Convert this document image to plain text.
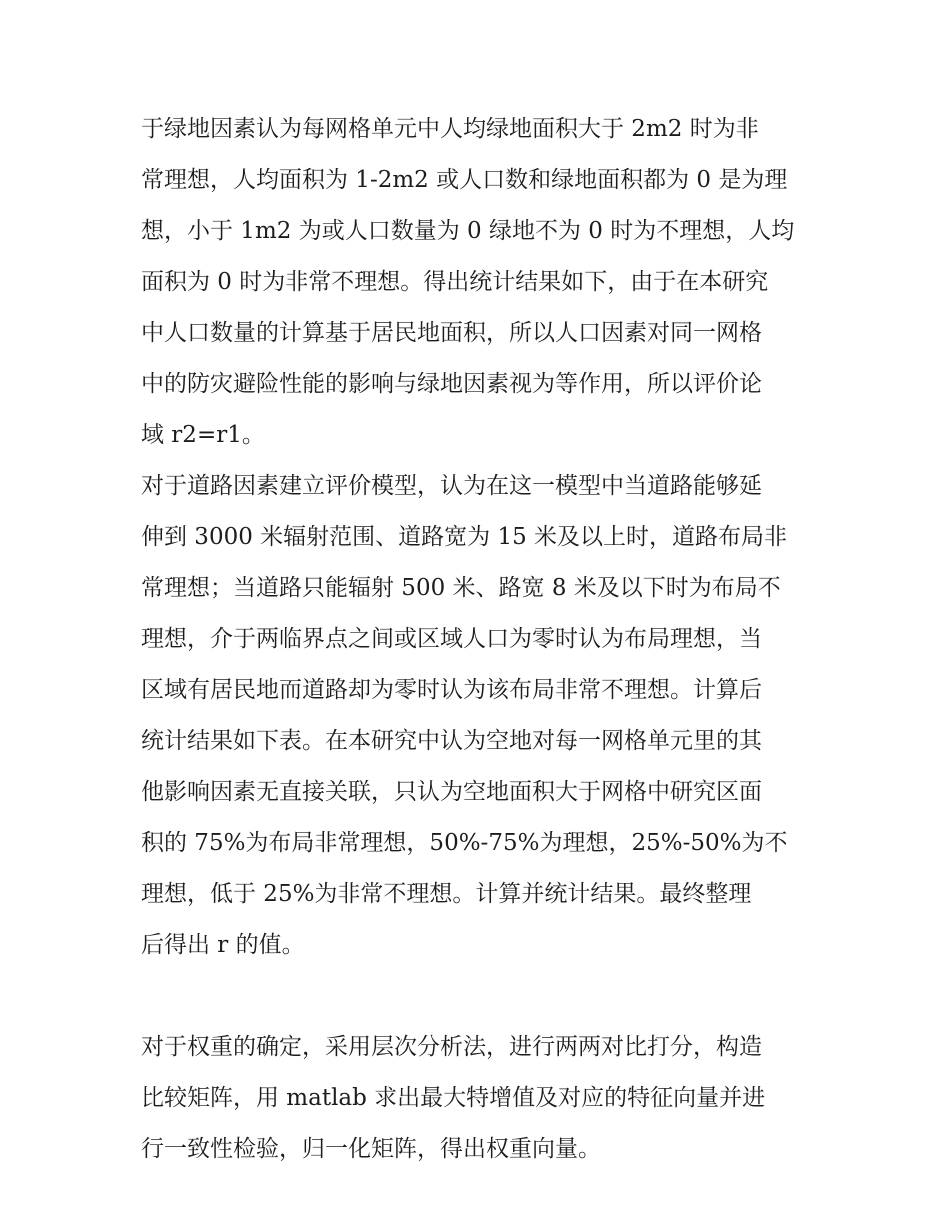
于绿地因素认为每网格单元中人均绿地面积大于 2m2 时为非
常理想，人均面积为 1-2m2 或人口数和绿地面积都为 0 是为理
想，小于 1m2 为或人口数量为 0 绿地不为 0 时为不理想，人均
面积为 0 时为非常不理想。得出统计结果如下，由于在本研究
中人口数量的计算基于居民地面积，所以人口因素对同一网格
中的防灾避险性能的影响与绿地因素视为等作用，所以评价论
域 r2=r1。
对于道路因素建立评价模型，认为在这一模型中当道路能够延
伸到 3000 米辐射范围、道路宽为 15 米及以上时，道路布局非
常理想；当道路只能辐射 500 米、路宽 8 米及以下时为布局不
理想，介于两临界点之间或区域人口为零时认为布局理想，当
区域有居民地而道路却为零时认为该布局非常不理想。计算后
统计结果如下表。在本研究中认为空地对每一网格单元里的其
他影响因素无直接关联，只认为空地面积大于网格中研究区面
积的 75%为布局非常理想，50%-75%为理想，25%-50%为不
理想，低于 25%为非常不理想。计算并统计结果。最终整理
后得出 r 的值。
对于权重的确定，采用层次分析法，进行两两对比打分，构造
比较矩阵，用 matlab 求出最大特增值及对应的特征向量并进
行一致性检验，归一化矩阵，得出权重向量。
